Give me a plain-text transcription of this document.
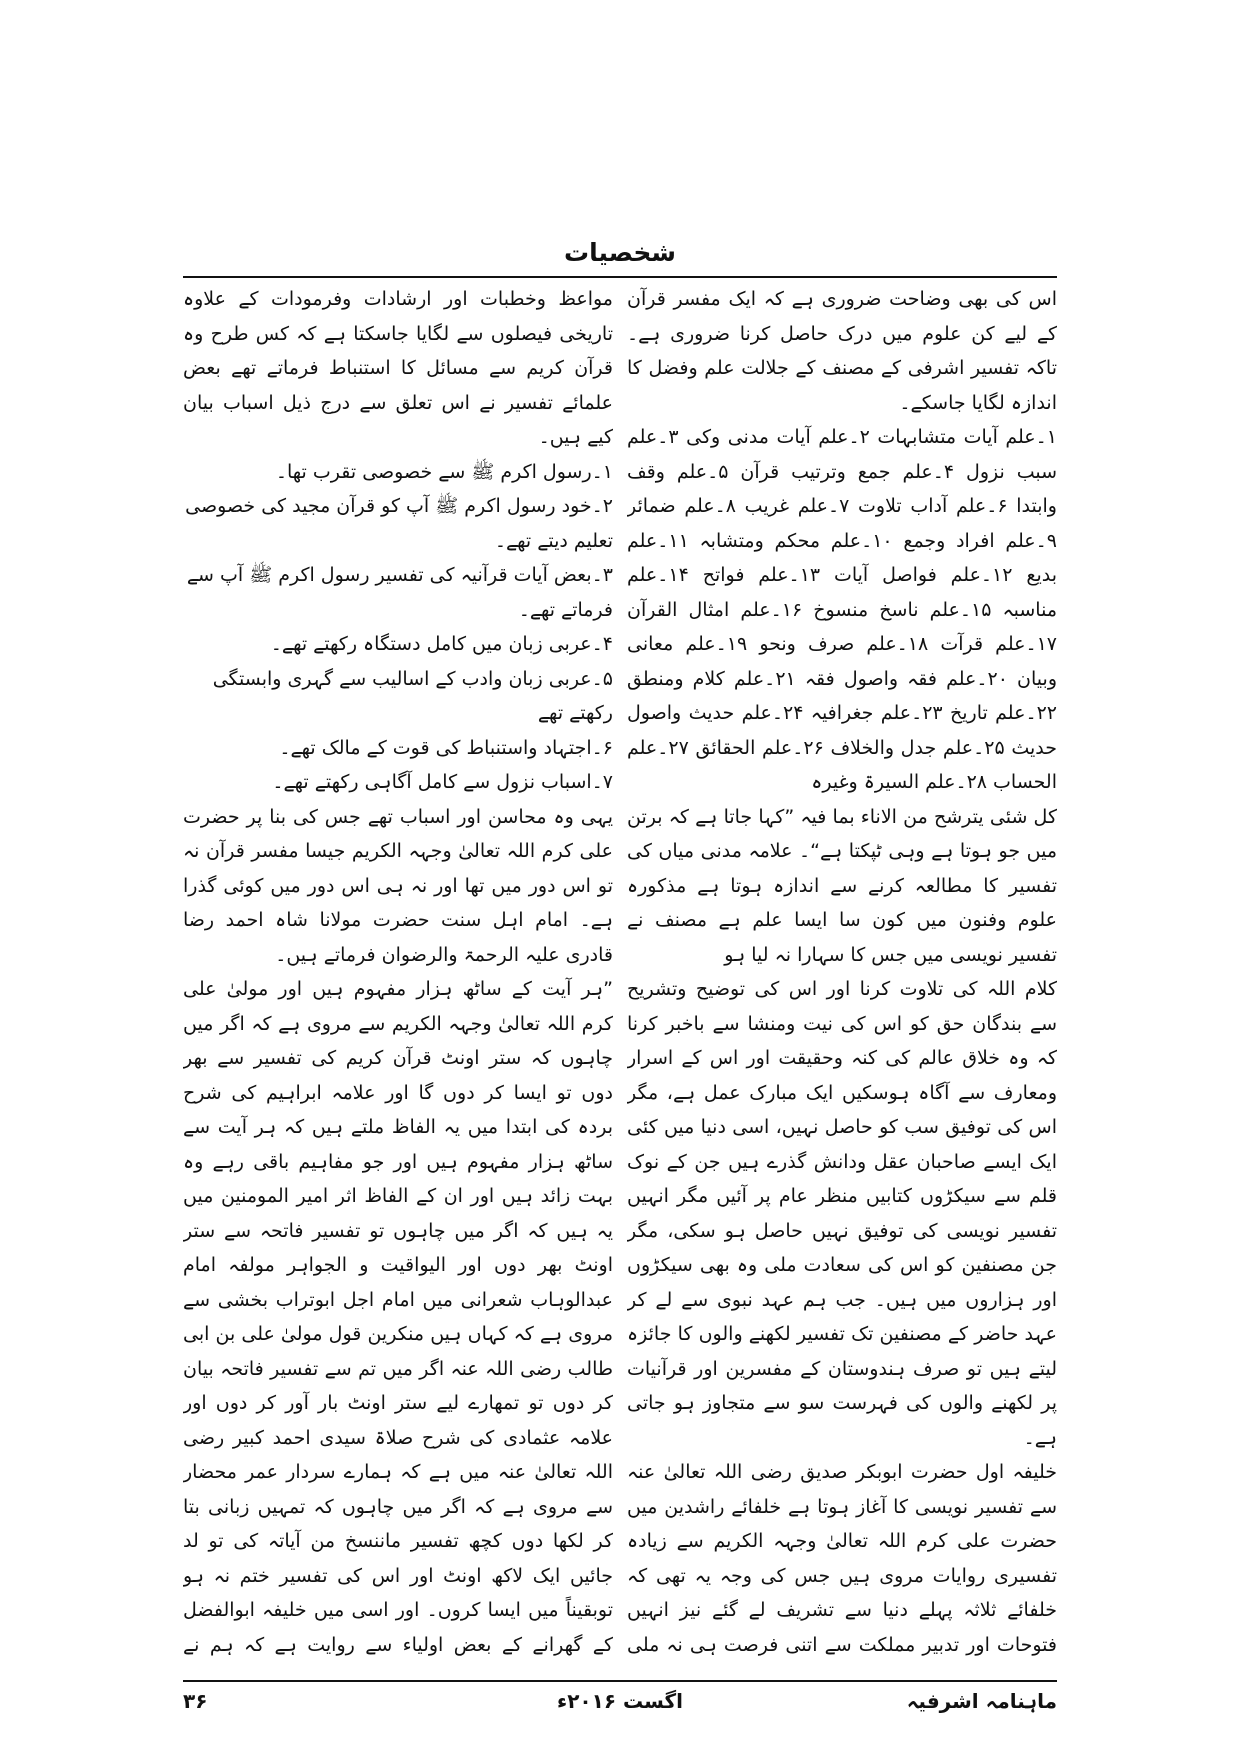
شخصیات

اس کی بھی وضاحت ضروری ہے کہ ایک مفسر قرآن کے لیے کن علوم میں درک حاصل کرنا ضروری ہے۔ تاکہ تفسیر اشرفی کے مصنف کے جلالت علم وفضل کا اندازہ لگایا جاسکے۔

۱۔علم آیات متشابہات ۲۔علم آیات مدنی وکی ۳۔علم سبب نزول ۴۔علم جمع وترتیب قرآن ۵۔علم وقف وابتدا ۶۔علم آداب تلاوت ۷۔علم غریب ۸۔علم ضمائر ۹۔علم افراد وجمع ۱۰۔علم محکم ومتشابہ ۱۱۔علم بدیع ۱۲۔علم فواصل آیات ۱۳۔علم فواتح ۱۴۔علم مناسبہ ۱۵۔علم ناسخ منسوخ ۱۶۔علم امثال القرآن ۱۷۔علم قرآت ۱۸۔علم صرف ونحو ۱۹۔علم معانی وبیان ۲۰۔علم فقہ واصول فقہ ۲۱۔علم کلام ومنطق ۲۲۔علم تاریخ ۲۳۔علم جغرافیہ ۲۴۔علم حدیث واصول حدیث ۲۵۔علم جدل والخلاف ۲۶۔علم الحقائق ۲۷۔علم الحساب ۲۸۔علم السیرۃ وغیرہ

کل شئی یترشح من الاناء بما فیہ ”کہا جاتا ہے کہ برتن میں جو ہوتا ہے وہی ٹپکتا ہے“۔ علامہ مدنی میاں کی تفسیر کا مطالعہ کرنے سے اندازہ ہوتا ہے مذکورہ علوم وفنون میں کون سا ایسا علم ہے مصنف نے تفسیر نویسی میں جس کا سہارا نہ لیا ہو

کلام اللہ کی تلاوت کرنا اور اس کی توضیح وتشریح سے بندگان حق کو اس کی نیت ومنشا سے باخبر کرنا کہ وہ خلاق عالم کی کنہ وحقیقت اور اس کے اسرار ومعارف سے آگاہ ہوسکیں ایک مبارک عمل ہے، مگر اس کی توفیق سب کو حاصل نہیں، اسی دنیا میں کئی ایک ایسے صاحبان عقل ودانش گذرے ہیں جن کے نوک قلم سے سیکڑوں کتابیں منظر عام پر آئیں مگر انہیں تفسیر نویسی کی توفیق نہیں حاصل ہو سکی، مگر جن مصنفین کو اس کی سعادت ملی وہ بھی سیکڑوں اور ہزاروں میں ہیں۔ جب ہم عہد نبوی سے لے کر عہد حاضر کے مصنفین تک تفسیر لکھنے والوں کا جائزہ لیتے ہیں تو صرف ہندوستان کے مفسرین اور قرآنیات پر لکھنے والوں کی فہرست سو سے متجاوز ہو جاتی ہے۔

خلیفہ اول حضرت ابوبکر صدیق رضی اللہ تعالیٰ عنہ سے تفسیر نویسی کا آغاز ہوتا ہے خلفائے راشدین میں حضرت علی کرم اللہ تعالیٰ وجہہ الکریم سے زیادہ تفسیری روایات مروی ہیں جس کی وجہ یہ تھی کہ خلفائے ثلاثہ پہلے دنیا سے تشریف لے گئے نیز انہیں فتوحات اور تدبیر مملکت سے اتنی فرصت ہی نہ ملی

مواعظ وخطبات اور ارشادات وفرمودات کے علاوہ تاریخی فیصلوں سے لگایا جاسکتا ہے کہ کس طرح وہ قرآن کریم سے مسائل کا استنباط فرماتے تھے بعض علمائے تفسیر نے اس تعلق سے درج ذیل اسباب بیان کیے ہیں۔

۱۔رسول اکرم ﷺ سے خصوصی تقرب تھا۔

۲۔خود رسول اکرم ﷺ آپ کو قرآن مجید کی خصوصی تعلیم دیتے تھے۔

۳۔بعض آیات قرآنیہ کی تفسیر رسول اکرم ﷺ آپ سے فرماتے تھے۔

۴۔عربی زبان میں کامل دستگاہ رکھتے تھے۔

۵۔عربی زبان وادب کے اسالیب سے گہری وابستگی رکھتے تھے

۶۔اجتہاد واستنباط کی قوت کے مالک تھے۔

۷۔اسباب نزول سے کامل آگاہی رکھتے تھے۔

یہی وہ محاسن اور اسباب تھے جس کی بنا پر حضرت علی کرم اللہ تعالیٰ وجہہ الکریم جیسا مفسر قرآن نہ تو اس دور میں تھا اور نہ ہی اس دور میں کوئی گذرا ہے۔ امام اہل سنت حضرت مولانا شاہ احمد رضا قادری علیہ الرحمۃ والرضوان فرماتے ہیں۔

”ہر آیت کے ساٹھ ہزار مفہوم ہیں اور مولیٰ علی کرم اللہ تعالیٰ وجہہ الکریم سے مروی ہے کہ اگر میں چاہوں کہ ستر اونٹ قرآن کریم کی تفسیر سے بھر دوں تو ایسا کر دوں گا اور علامہ ابراہیم کی شرح بردہ کی ابتدا میں یہ الفاظ ملتے ہیں کہ ہر آیت سے ساٹھ ہزار مفہوم ہیں اور جو مفاہیم باقی رہے وہ بہت زائد ہیں اور ان کے الفاظ اثر امیر المومنین میں یہ ہیں کہ اگر میں چاہوں تو تفسیر فاتحہ سے ستر اونٹ بھر دوں اور الیواقیت و الجواہر مولفہ امام عبدالوہاب شعرانی میں امام اجل ابوتراب بخشی سے مروی ہے کہ کہاں ہیں منکرین قول مولیٰ علی بن ابی طالب رضی اللہ عنہ اگر میں تم سے تفسیر فاتحہ بیان کر دوں تو تمھارے لیے ستر اونٹ بار آور کر دوں اور علامہ عثمادی کی شرح صلاۃ سیدی احمد کبیر رضی اللہ تعالیٰ عنہ میں ہے کہ ہمارے سردار عمر محضار سے مروی ہے کہ اگر میں چاہوں کہ تمہیں زبانی بتا کر لکھا دوں کچھ تفسیر ماننسخ من آیاتہ کی تو لد جائیں ایک لاکھ اونٹ اور اس کی تفسیر ختم نہ ہو توبقیناً میں ایسا کروں۔ اور اسی میں خلیفہ ابوالفضل کے گھرانے کے بعض اولیاء سے روایت ہے کہ ہم نے

ماہنامہ اشرفیہ
اگست ۲۰۱۶ء
۳۶
